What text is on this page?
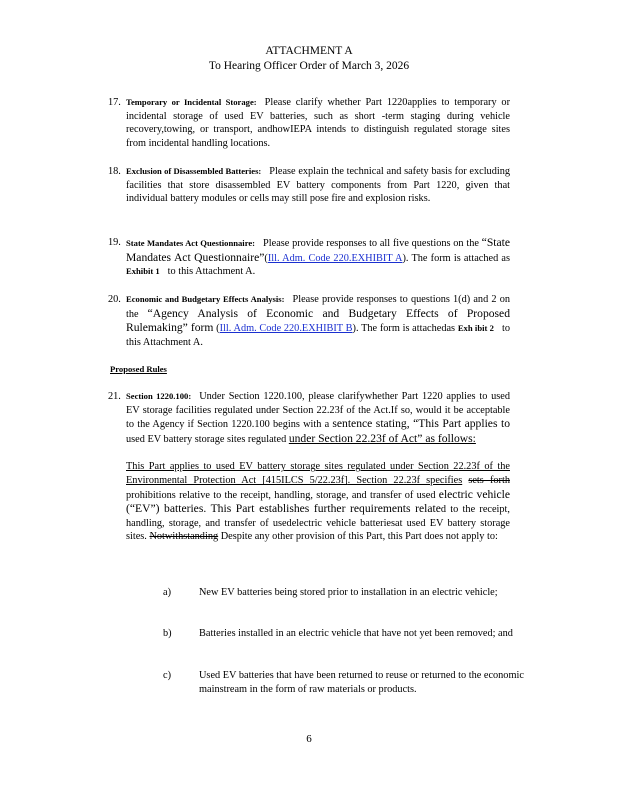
ATTACHMENT A
To Hearing Officer Order of March 3, 2026
17. Temporary or Incidental Storage: Please clarify whether Part 1220applies to temporary or incidental storage of used EV batteries, such as short -term staging during vehicle recovery,towing, or transport, andhowIEPA intends to distinguish regulated storage sites from incidental handling locations.
18. Exclusion of Disassembled Batteries: Please explain the technical and safety basis for excluding facilities that store disassembled EV battery components from Part 1220, given that individual battery modules or cells may still pose fire and explosion risks.
19. State Mandates Act Questionnaire: Please provide responses to all five questions on the “State Mandates Act Questionnaire”(Ill. Adm. Code 220.EXHIBIT A). The form is attached as Exhibit 1 to this Attachment A.
20. Economic and Budgetary Effects Analysis: Please provide responses to questions 1(d) and 2 on the “Agency Analysis of Economic and Budgetary Effects of Proposed Rulemaking” form (Ill. Adm. Code 220.EXHIBIT B). The form is attachedas Exh ibit 2 to this Attachment A.
Proposed Rules
21. Section 1220.100: Under Section 1220.100, please clarifywhether Part 1220 applies to used EV storage facilities regulated under Section 22.23f of the Act.If so, would it be acceptable to the Agency if Section 1220.100 begins with a sentence stating, “This Part applies to used EV battery storage sites regulated under Section 22.23f of Act” as follows:
This Part applies to used EV battery storage sites regulated under Section 22.23f of the Environmental Protection Act [415ILCS 5/22.23f]. Section 22.23f specifies sets forth prohibitions relative to the receipt, handling, storage, and transfer of used electric vehicle (“EV”) batteries. This Part establishes further requirements related to the receipt, handling, storage, and transfer of usedelectric vehicle batteriesat used EV battery storage sites. Notwithstanding Despite any other provision of this Part, this Part does not apply to:
a)	New EV batteries being stored prior to installation in an electric vehicle;
b)	Batteries installed in an electric vehicle that have not yet been removed; and
c)	Used EV batteries that have been returned to reuse or returned to the economic mainstream in the form of raw materials or products.
6
